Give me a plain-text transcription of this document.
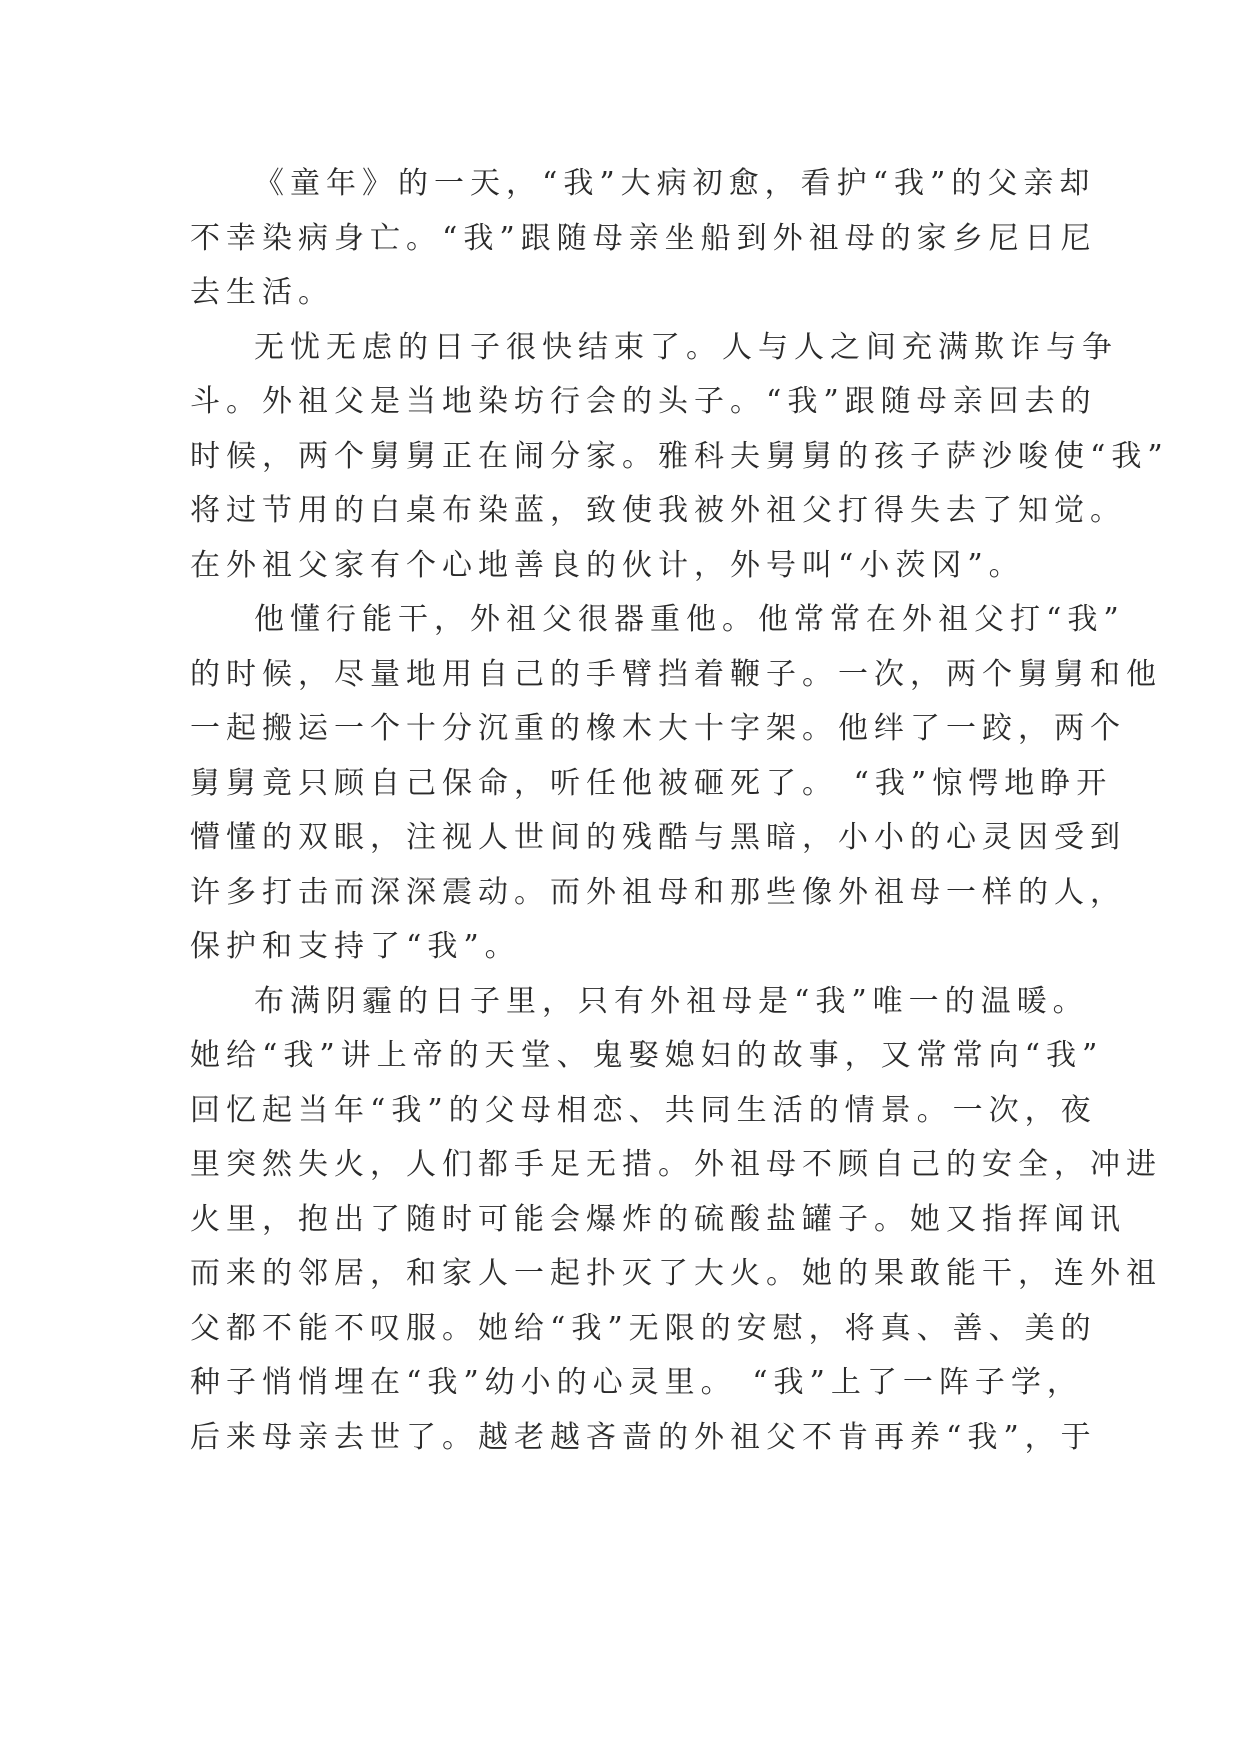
《童年》的一天，“我”大病初愈，看护“我”的父亲却
不幸染病身亡。“我”跟随母亲坐船到外祖母的家乡尼日尼
去生活。
无忧无虑的日子很快结束了。人与人之间充满欺诈与争
斗。外祖父是当地染坊行会的头子。“我”跟随母亲回去的
时候，两个舅舅正在闹分家。雅科夫舅舅的孩子萨沙唆使“我”
将过节用的白桌布染蓝，致使我被外祖父打得失去了知觉。
在外祖父家有个心地善良的伙计，外号叫“小茨冈”。
他懂行能干，外祖父很器重他。他常常在外祖父打“我”
的时候，尽量地用自己的手臂挡着鞭子。一次，两个舅舅和他
一起搬运一个十分沉重的橡木大十字架。他绊了一跤，两个
舅舅竟只顾自己保命，听任他被砸死了。 “我”惊愕地睁开
懵懂的双眼，注视人世间的残酷与黑暗，小小的心灵因受到
许多打击而深深震动。而外祖母和那些像外祖母一样的人，
保护和支持了“我”。
布满阴霾的日子里，只有外祖母是“我”唯一的温暖。
她给“我”讲上帝的天堂、鬼娶媳妇的故事，又常常向“我”
回忆起当年“我”的父母相恋、共同生活的情景。一次，夜
里突然失火，人们都手足无措。外祖母不顾自己的安全，冲进
火里，抱出了随时可能会爆炸的硫酸盐罐子。她又指挥闻讯
而来的邻居，和家人一起扑灭了大火。她的果敢能干，连外祖
父都不能不叹服。她给“我”无限的安慰，将真、善、美的
种子悄悄埋在“我”幼小的心灵里。 “我”上了一阵子学，
后来母亲去世了。越老越吝啬的外祖父不肯再养“我”，于
